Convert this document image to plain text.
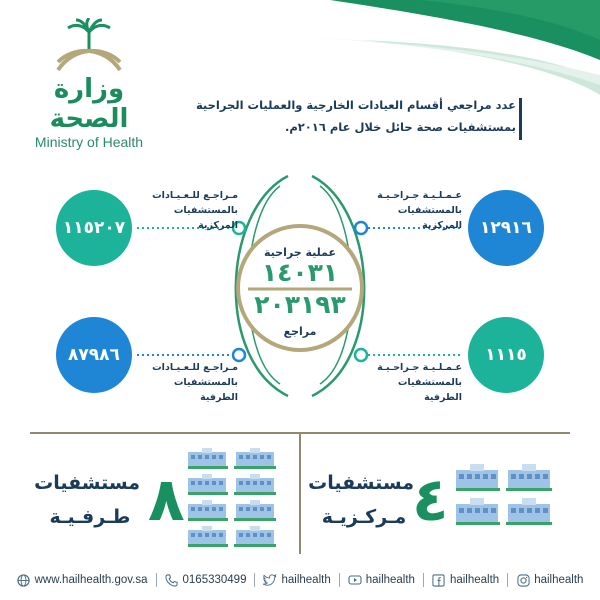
وزارة الصحة
Ministry of Health
عدد مراجعي أقسام العيادات الخارجية والعمليات الجراحية
بمستشفيات صحة حائل خلال عام ٢٠١٦م.
١١٥٢٠٧
مـراجـع للـعـيـادات
بالمستشفيات المركزية
٨٧٩٨٦
مـراجـع للـعـيـادات
بالمستشفيات الطرفية
١٢٩١٦
عـمـلـيـة جـراحـيـة
بالمستشفيات المركزية
١١١٥
عـمـلـيـة جـراحـيـة
بالمستشفيات الطرفية
عملية جراحية
١٤٠٣١
٢٠٣١٩٣
مراجع
مستشفيات
طـرفـيـة ٨	٤
مستشفيات
مـركـزيـة
www.hailhealth.gov.sa	0165330499	hailhealth	hailhealth	hailhealth	hailhealth
